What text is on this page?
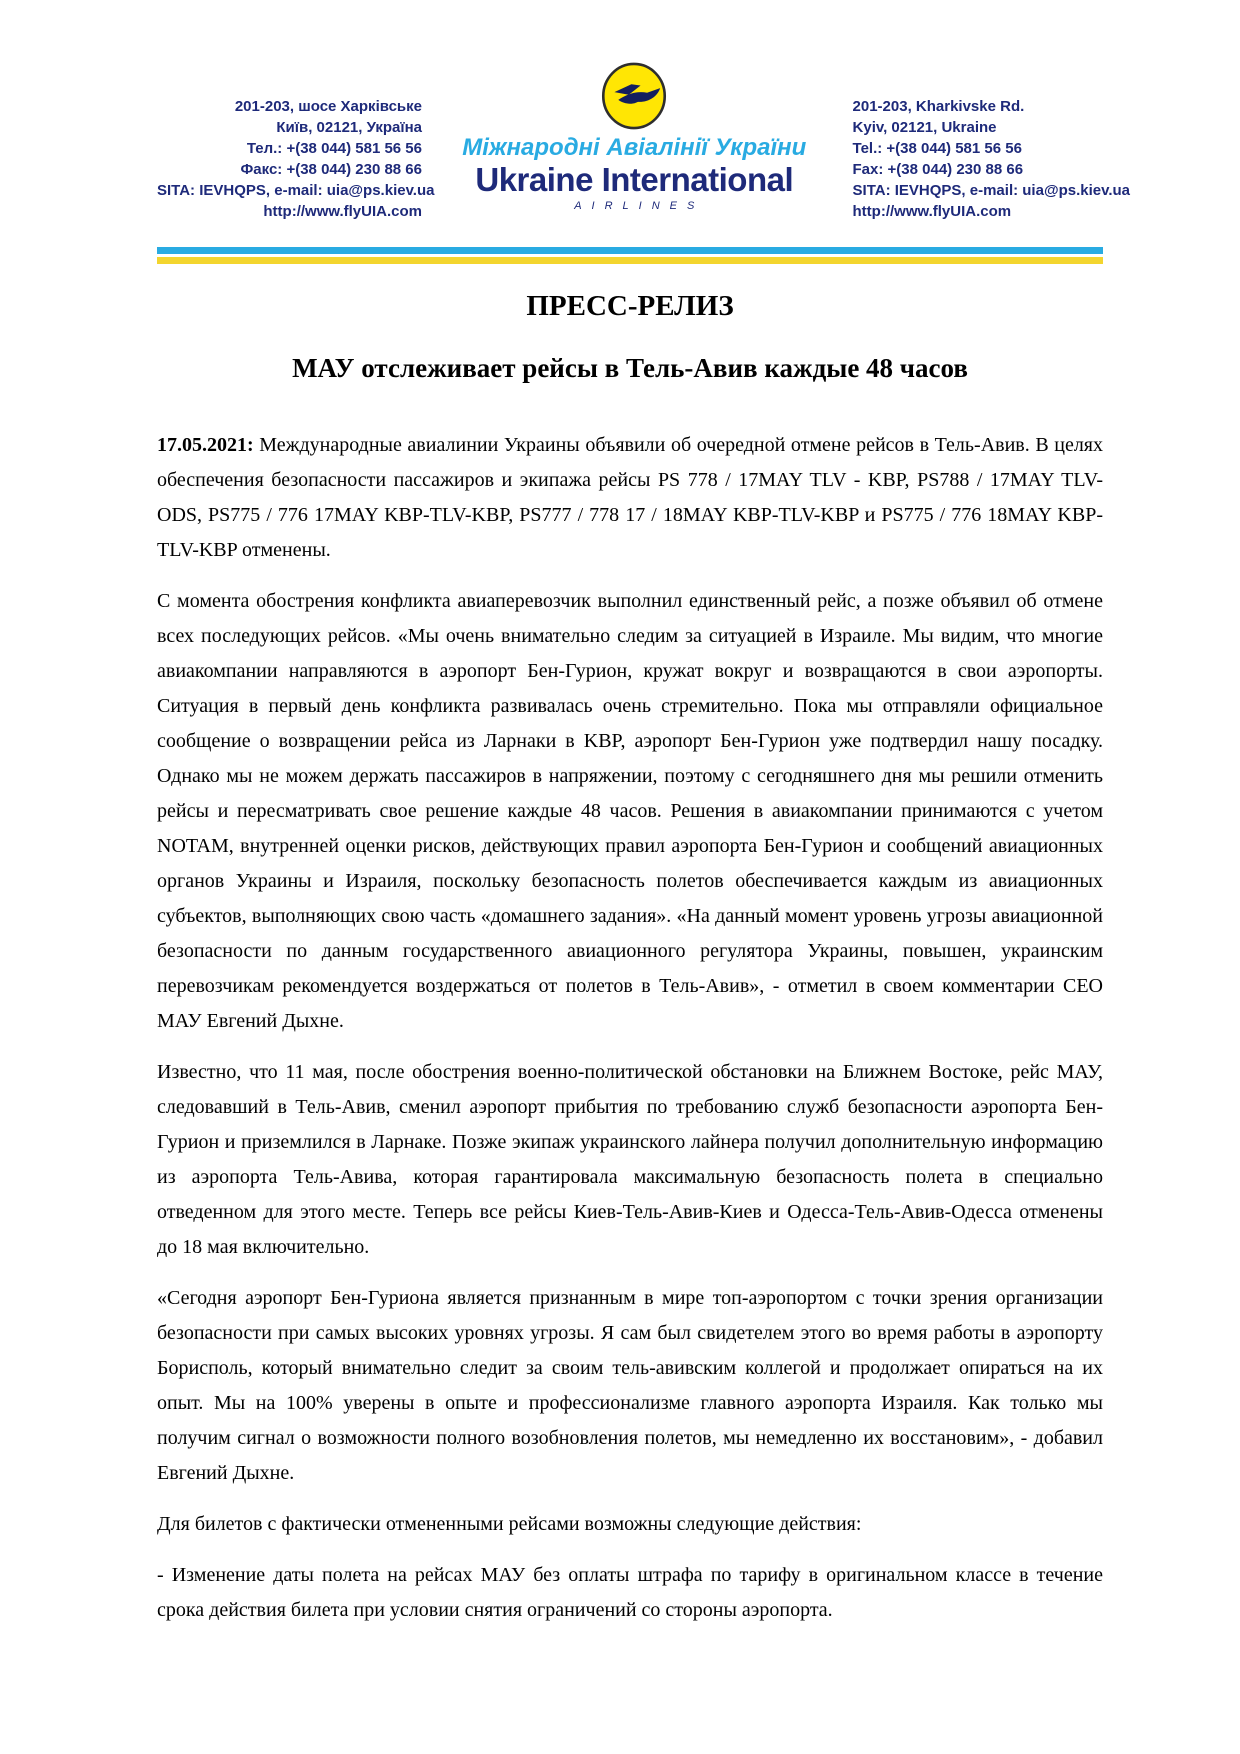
201-203, шосе Харківське
Київ, 02121, Україна
Тел.: +(38 044) 581 56 56
Факс: +(38 044) 230 88 66
SITA: IEVHQPS, e-mail: uia@ps.kiev.ua
http://www.flyUIA.com
Міжнародні Авіалінії України
Ukraine International
AIRLINES
201-203, Kharkivske Rd.
Kyiv, 02121, Ukraine
Tel.: +(38 044) 581 56 56
Fax: +(38 044) 230 88 66
SITA: IEVHQPS, e-mail: uia@ps.kiev.ua
http://www.flyUIA.com
ПРЕСС-РЕЛИЗ
МАУ отслеживает рейсы в Тель-Авив каждые 48 часов

17.05.2021: Международные авиалинии Украины объявили об очередной отмене рейсов в Тель-Авив. В целях обеспечения безопасности пассажиров и экипажа рейсы PS 778 / 17MAY TLV - KBP, PS788 / 17MAY TLV-ODS, PS775 / 776 17MAY KBP-TLV-KBP, PS777 / 778 17 / 18MAY KBP-TLV-KBP и PS775 / 776 18MAY KBP-TLV-KBP отменены.

С момента обострения конфликта авиаперевозчик выполнил единственный рейс, а позже объявил об отмене всех последующих рейсов. «Мы очень внимательно следим за ситуацией в Израиле. Мы видим, что многие авиакомпании направляются в аэропорт Бен-Гурион, кружат вокруг и возвращаются в свои аэропорты. Ситуация в первый день конфликта развивалась очень стремительно. Пока мы отправляли официальное сообщение о возвращении рейса из Ларнаки в KBP, аэропорт Бен-Гурион уже подтвердил нашу посадку. Однако мы не можем держать пассажиров в напряжении, поэтому с сегодняшнего дня мы решили отменить рейсы и пересматривать свое решение каждые 48 часов. Решения в авиакомпании принимаются с учетом NOTAM, внутренней оценки рисков, действующих правил аэропорта Бен-Гурион и сообщений авиационных органов Украины и Израиля, поскольку безопасность полетов обеспечивается каждым из авиационных субъектов, выполняющих свою часть «домашнего задания». «На данный момент уровень угрозы авиационной безопасности по данным государственного авиационного регулятора Украины, повышен, украинским перевозчикам рекомендуется воздержаться от полетов в Тель-Авив», - отметил в своем комментарии CEO МАУ Евгений Дыхне.

Известно, что 11 мая, после обострения военно-политической обстановки на Ближнем Востоке, рейс МАУ, следовавший в Тель-Авив, сменил аэропорт прибытия по требованию служб безопасности аэропорта Бен-Гурион и приземлился в Ларнаке. Позже экипаж украинского лайнера получил дополнительную информацию из аэропорта Тель-Авива, которая гарантировала максимальную безопасность полета в специально отведенном для этого месте. Теперь все рейсы Киев-Тель-Авив-Киев и Одесса-Тель-Авив-Одесса отменены до 18 мая включительно.

«Сегодня аэропорт Бен-Гуриона является признанным в мире топ-аэропортом с точки зрения организации безопасности при самых высоких уровнях угрозы. Я сам был свидетелем этого во время работы в аэропорту Борисполь, который внимательно следит за своим тель-авивским коллегой и продолжает опираться на их опыт. Мы на 100% уверены в опыте и профессионализме главного аэропорта Израиля. Как только мы получим сигнал о возможности полного возобновления полетов, мы немедленно их восстановим», - добавил Евгений Дыхне.

Для билетов с фактически отмененными рейсами возможны следующие действия:

- Изменение даты полета на рейсах МАУ без оплаты штрафа по тарифу в оригинальном классе в течение срока действия билета при условии снятия ограничений со стороны аэропорта.
